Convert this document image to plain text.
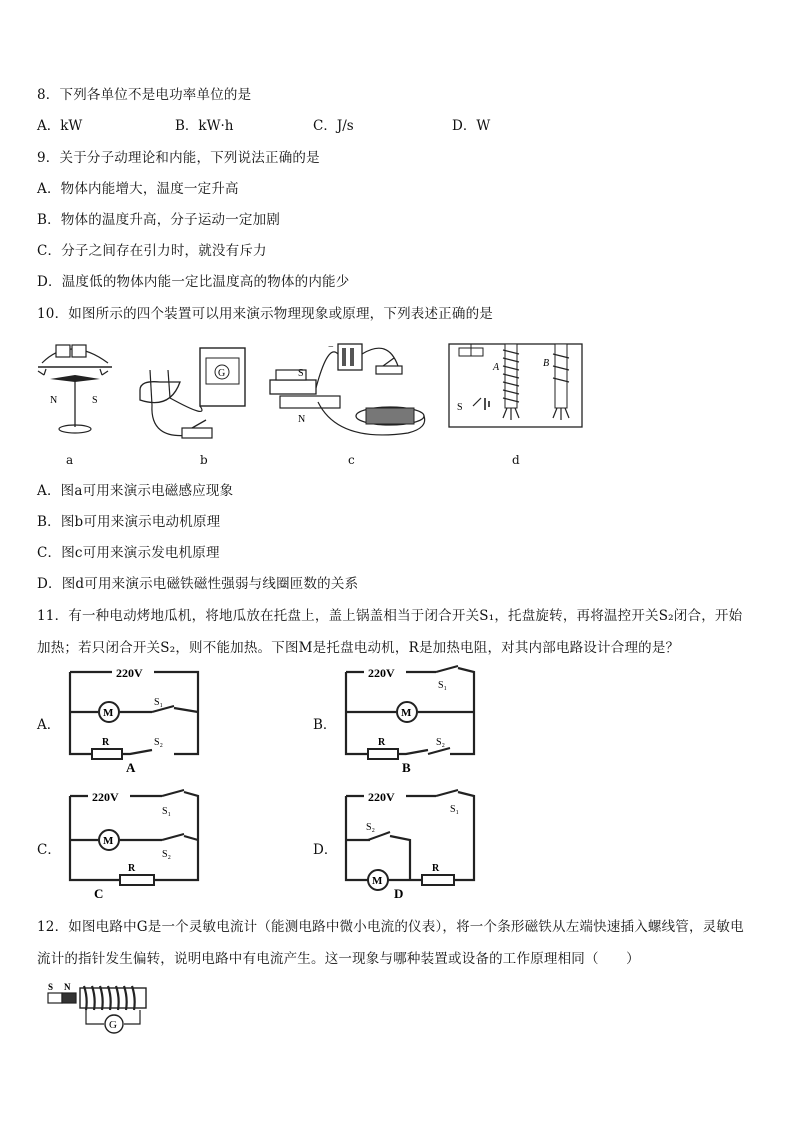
8．下列各单位不是电功率单位的是
A．kW	B．kW·h	C．J/s	D．W
9．关于分子动理论和内能，下列说法正确的是
A．物体内能增大，温度一定升高
B．物体的温度升高，分子运动一定加剧
C．分子之间存在引力时，就没有斥力
D．温度低的物体内能一定比温度高的物体的内能少
10．如图所示的四个装置可以用来演示物理现象或原理，下列表述正确的是
N	S
G
−
S
N
A	B
S
a	b	c	d
A．图a可用来演示电磁感应现象
B．图b可用来演示电动机原理
C．图c可用来演示发电机原理
D．图d可用来演示电磁铁磁性强弱与线圈匝数的关系
11．有一种电动烤地瓜机，将地瓜放在托盘上，盖上锅盖相当于闭合开关S₁，托盘旋转，再将温控开关S₂闭合，开始
加热；若只闭合开关S₂，则不能加热。下图M是托盘电动机，R是加热电阻，对其内部电路设计合理的是？
A．	B．
C．	D．
220V
M
S₁
R	S₂
A
220V
S₁
M
R	S₂
B
220V
S₁
M
S₂
R
C
220V
S₁
S₂
M
R
D
12．如图电路中G是一个灵敏电流计（能测电路中微小电流的仪表），将一个条形磁铁从左端快速插入螺线管，灵敏电
流计的指针发生偏转，说明电路中有电流产生。这一现象与哪种装置或设备的工作原理相同（　　）
S N
G
